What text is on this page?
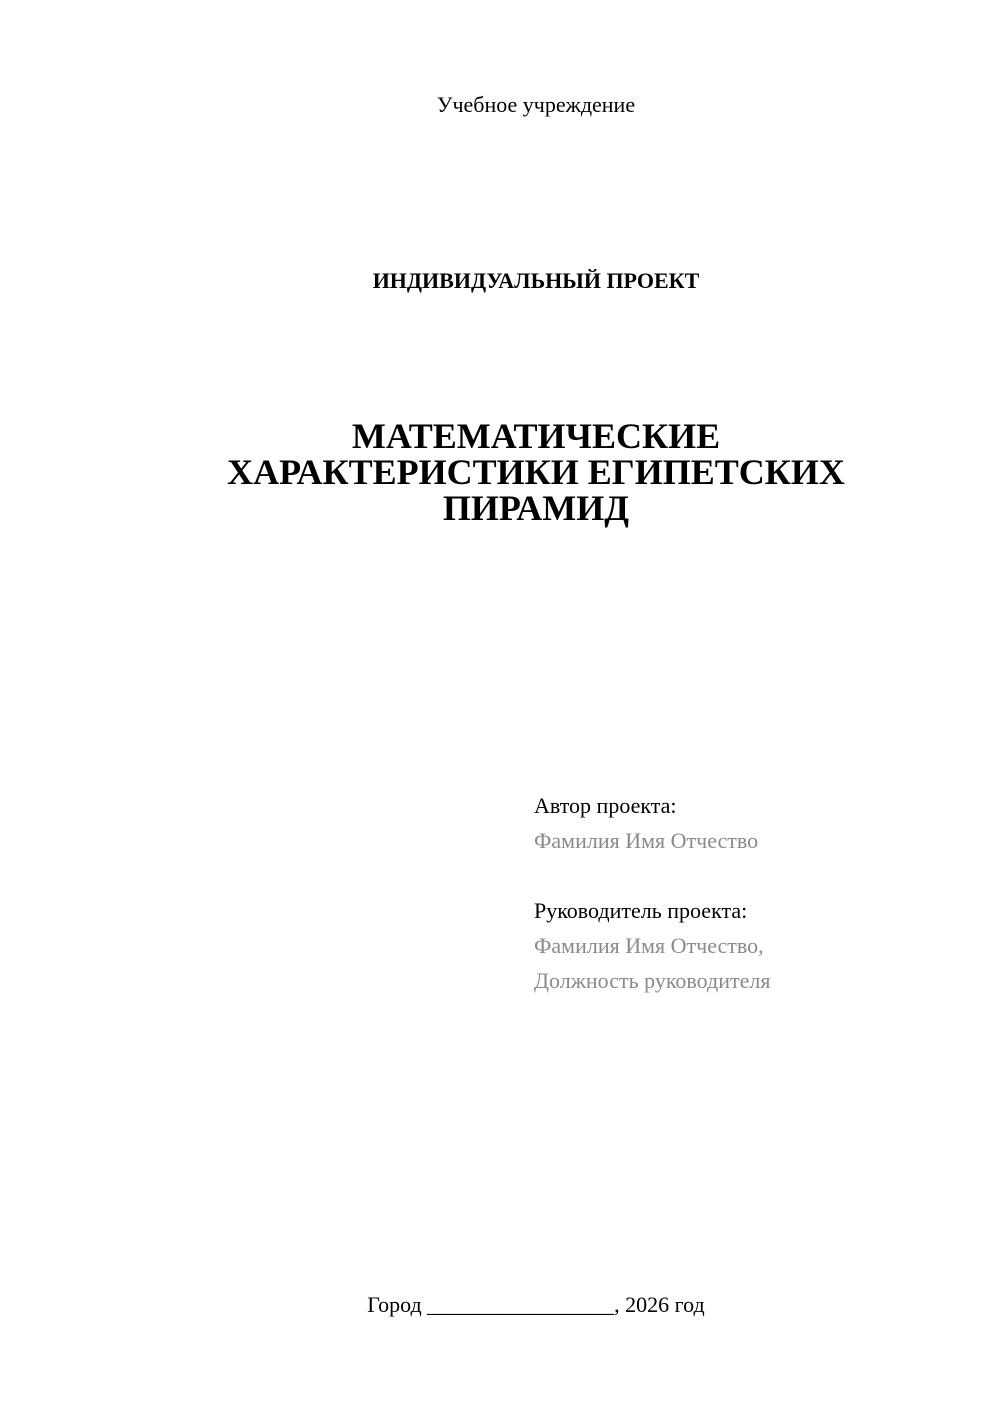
Учебное учреждение
ИНДИВИДУАЛЬНЫЙ ПРОЕКТ
МАТЕМАТИЧЕСКИЕ
ХАРАКТЕРИСТИКИ ЕГИПЕТСКИХ
ПИРАМИД
Автор проекта:
Фамилия Имя Отчество
Руководитель проекта:
Фамилия Имя Отчество,
Должность руководителя
Город _________________, 2026 год
